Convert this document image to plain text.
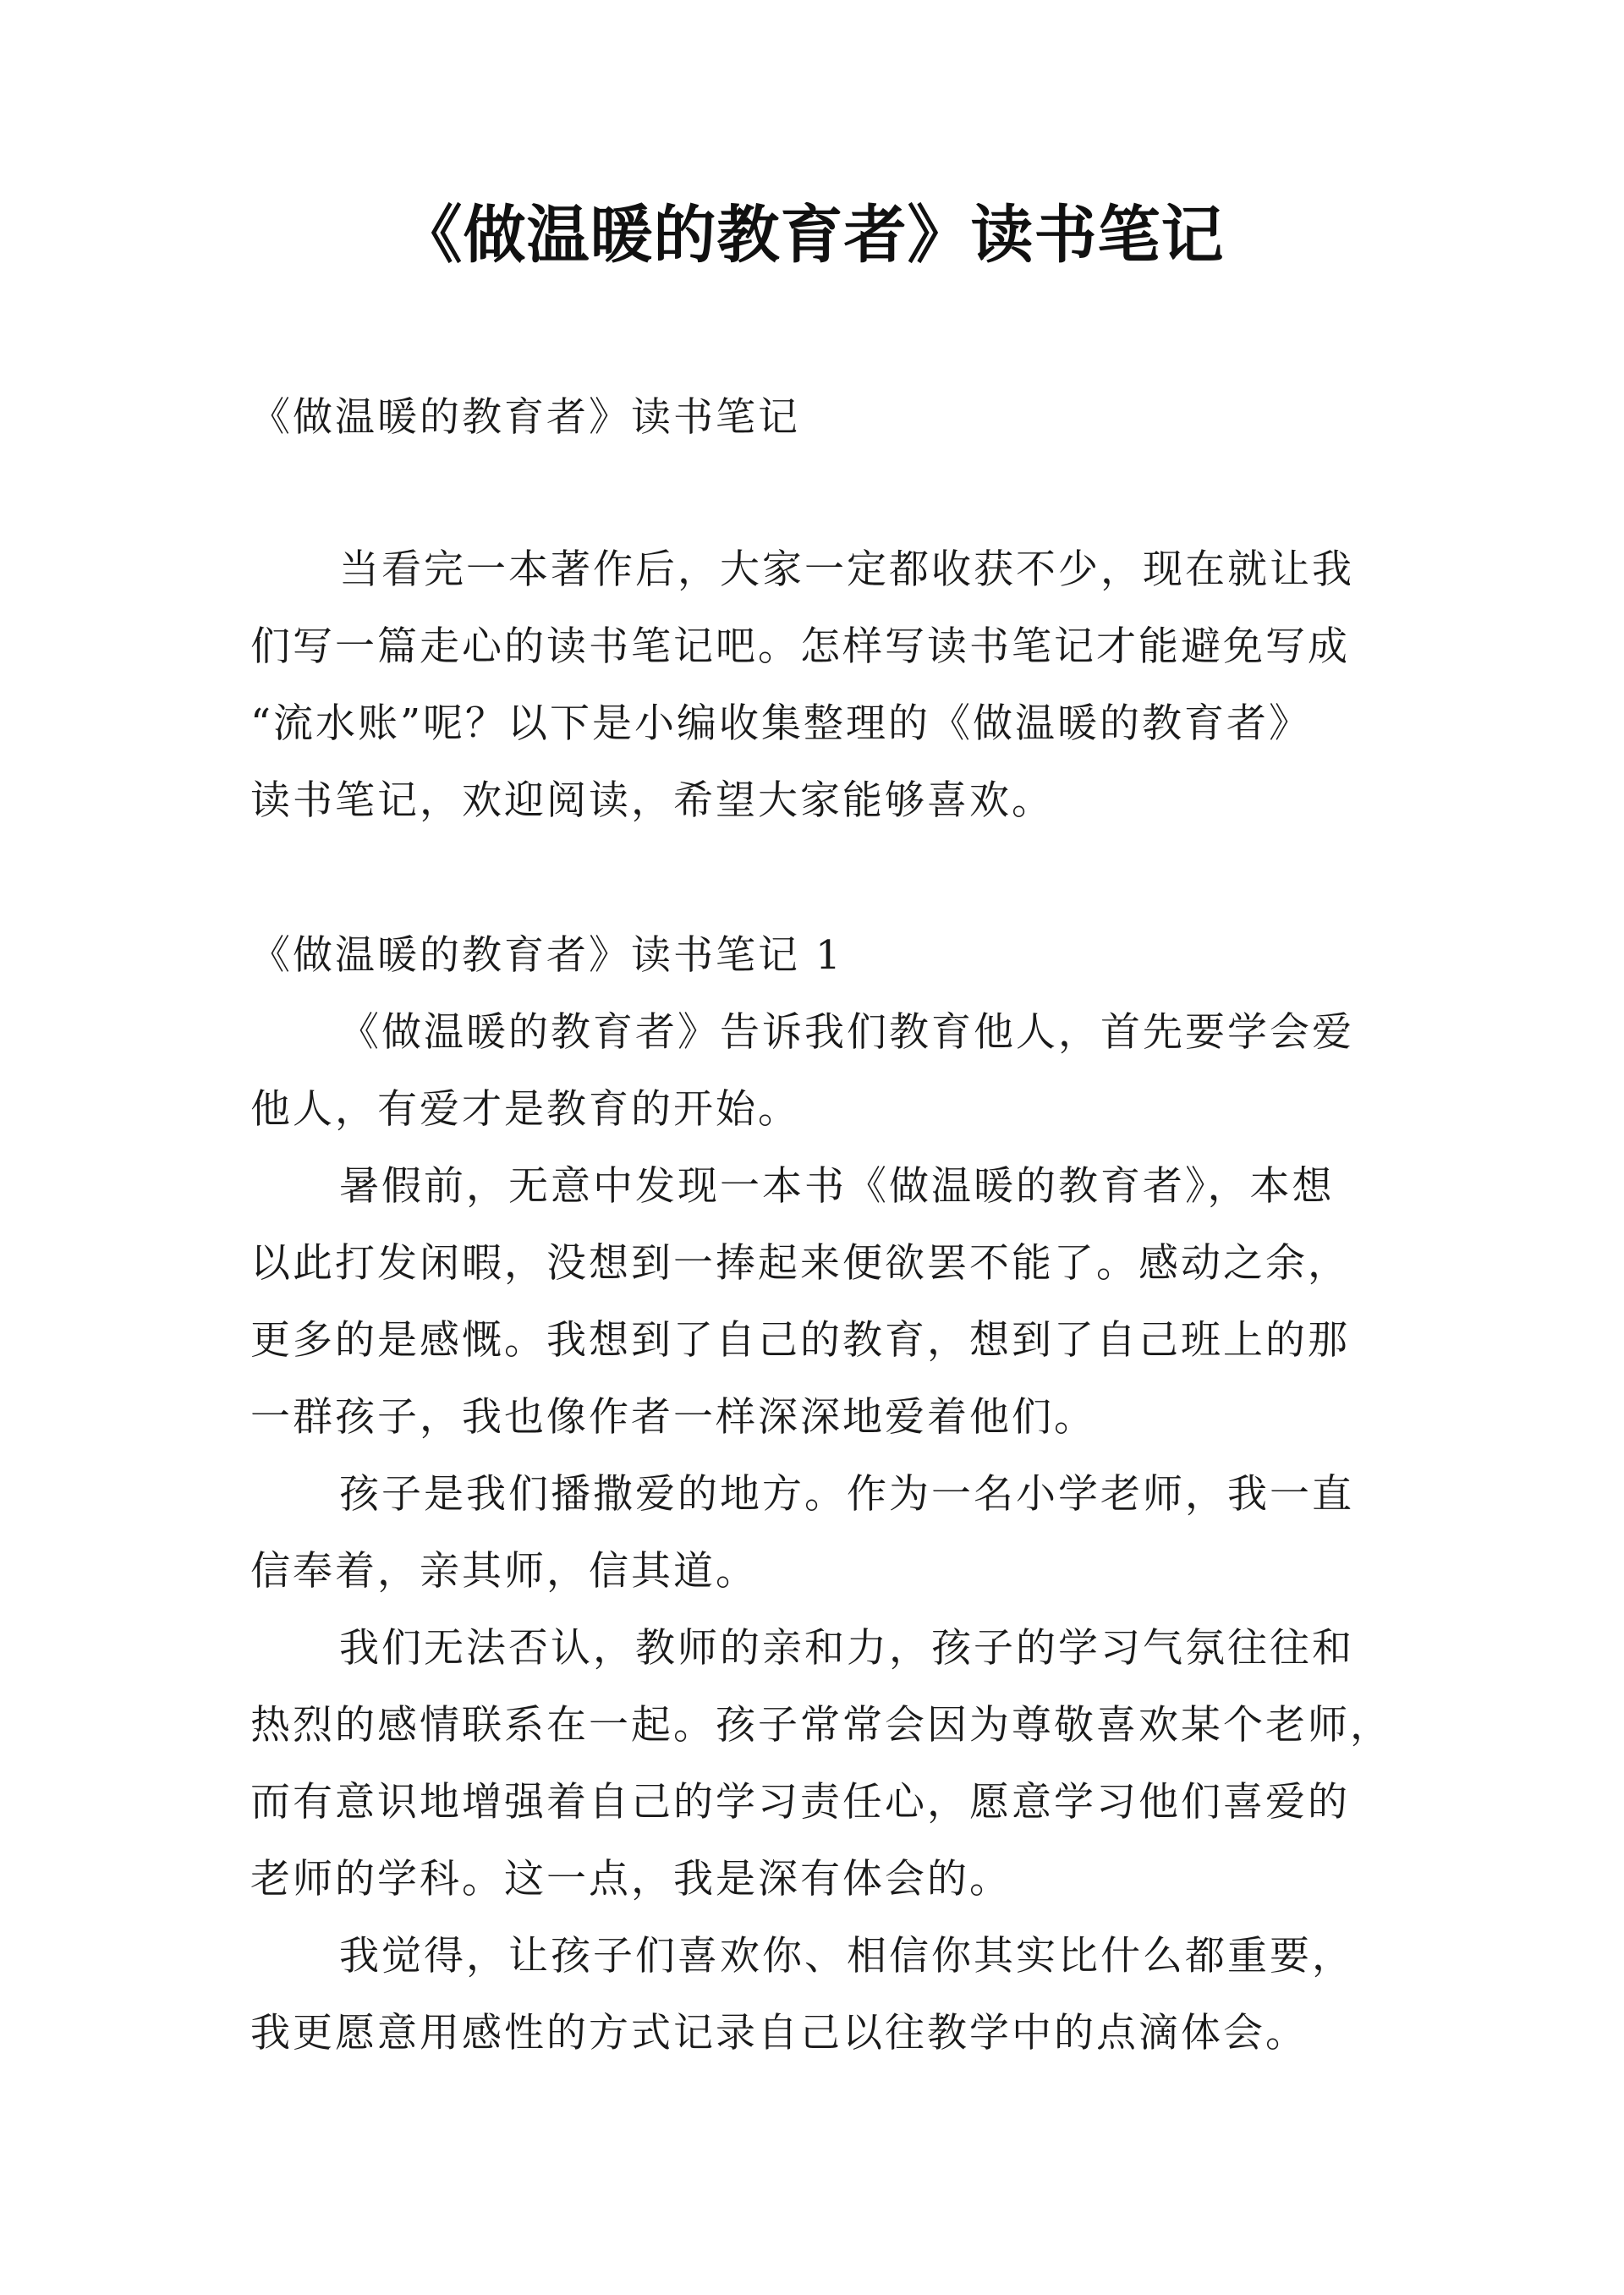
《做温暖的教育者》读书笔记

《做温暖的教育者》读书笔记

当看完一本著作后，大家一定都收获不少，现在就让我
们写一篇走心的读书笔记吧。怎样写读书笔记才能避免写成
“流水账”呢？以下是小编收集整理的《做温暖的教育者》
读书笔记，欢迎阅读，希望大家能够喜欢。

《做温暖的教育者》读书笔记 1

《做温暖的教育者》告诉我们教育他人，首先要学会爱
他人，有爱才是教育的开始。
暑假前，无意中发现一本书《做温暖的教育者》，本想
以此打发闲暇，没想到一捧起来便欲罢不能了。感动之余，
更多的是感慨。我想到了自己的教育，想到了自己班上的那
一群孩子，我也像作者一样深深地爱着他们。
孩子是我们播撒爱的地方。作为一名小学老师，我一直
信奉着，亲其师，信其道。
我们无法否认，教师的亲和力，孩子的学习气氛往往和
热烈的感情联系在一起。孩子常常会因为尊敬喜欢某个老师，
而有意识地增强着自己的学习责任心，愿意学习他们喜爱的
老师的学科。这一点，我是深有体会的。
我觉得，让孩子们喜欢你、相信你其实比什么都重要，
我更愿意用感性的方式记录自己以往教学中的点滴体会。
